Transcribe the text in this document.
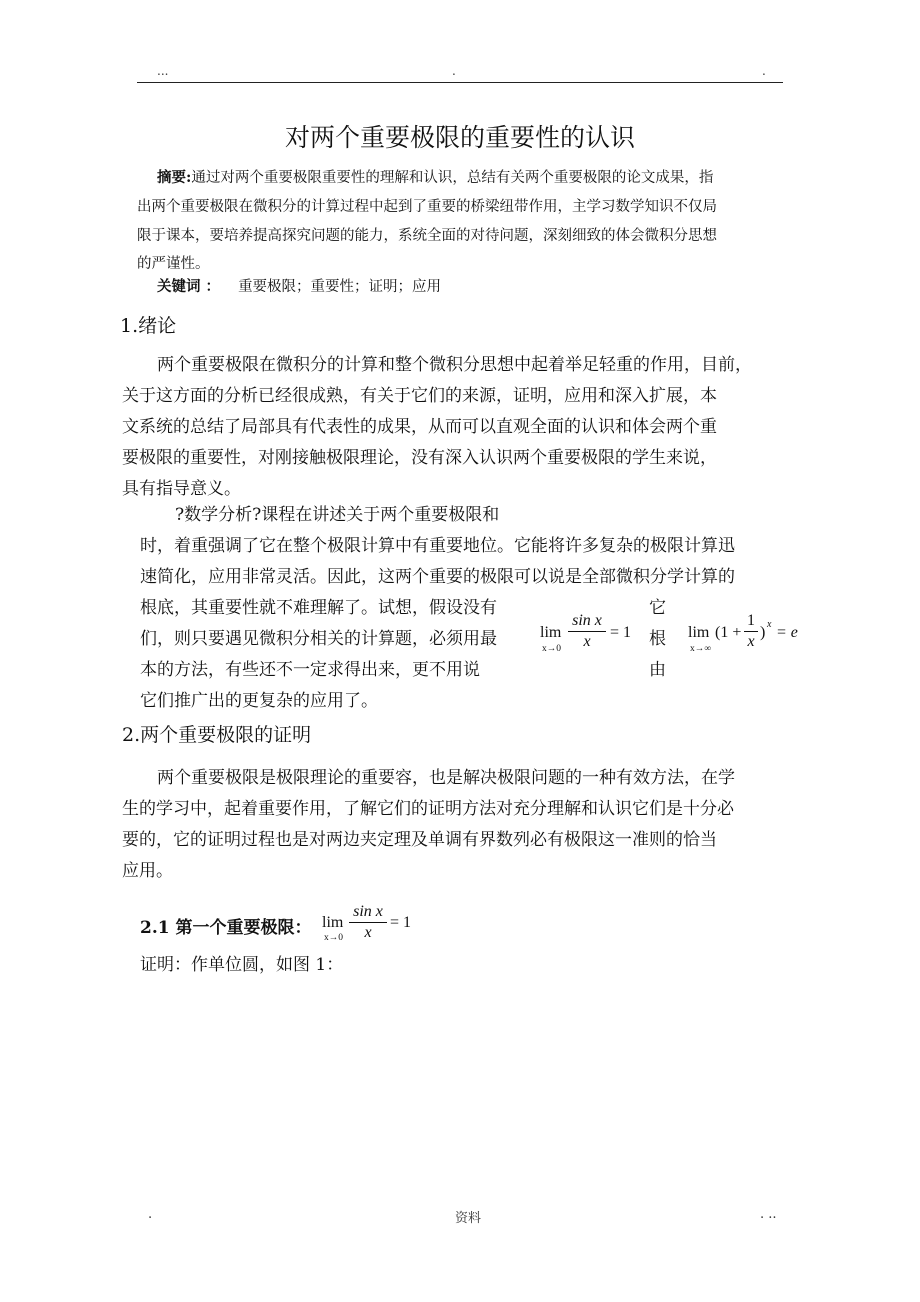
...	.	.
对两个重要极限的重要性的认识
摘要:通过对两个重要极限重要性的理解和认识，总结有关两个重要极限的论文成果，指
出两个重要极限在微积分的计算过程中起到了重要的桥梁纽带作用，主学习数学知识不仅局
限于课本，要培养提高探究问题的能力，系统全面的对待问题，深刻细致的体会微积分思想
的严谨性。
关键词 ： 重要极限；重要性；证明；应用
1.绪论
两个重要极限在微积分的计算和整个微积分思想中起着举足轻重的作用，目前，
关于这方面的分析已经很成熟，有关于它们的来源，证明，应用和深入扩展，本
文系统的总结了局部具有代表性的成果，从而可以直观全面的认识和体会两个重
要极限的重要性，对刚接触极限理论，没有深入认识两个重要极限的学生来说，
具有指导意义。
?数学分析?课程在讲述关于两个重要极限和
时，着重强调了它在整个极限计算中有重要地位。它能将许多复杂的极限计算迅
速简化，应用非常灵活。因此，这两个重要的极限可以说是全部微积分学计算的
根底，其重要性就不难理解了。试想，假设没有
们，则只要遇见微积分相关的计算题，必须用最
本的方法，有些还不一定求得出来，更不用说
它们推广出的更复杂的应用了。
它
根
由
lim
x→0
sin x
x
= 1	lim
x→∞
(1 +
1
x
) x = e
2.两个重要极限的证明
两个重要极限是极限理论的重要容，也是解决极限问题的一种有效方法，在学
生的学习中，起着重要作用，了解它们的证明方法对充分理解和认识它们是十分必
要的，它的证明过程也是对两边夹定理及单调有界数列必有极限这一准则的恰当
应用。
2.1 第一个重要极限： lim
x→0
sin x
x
= 1
证明：作单位圆，如图 1：
.	资料	. ..
